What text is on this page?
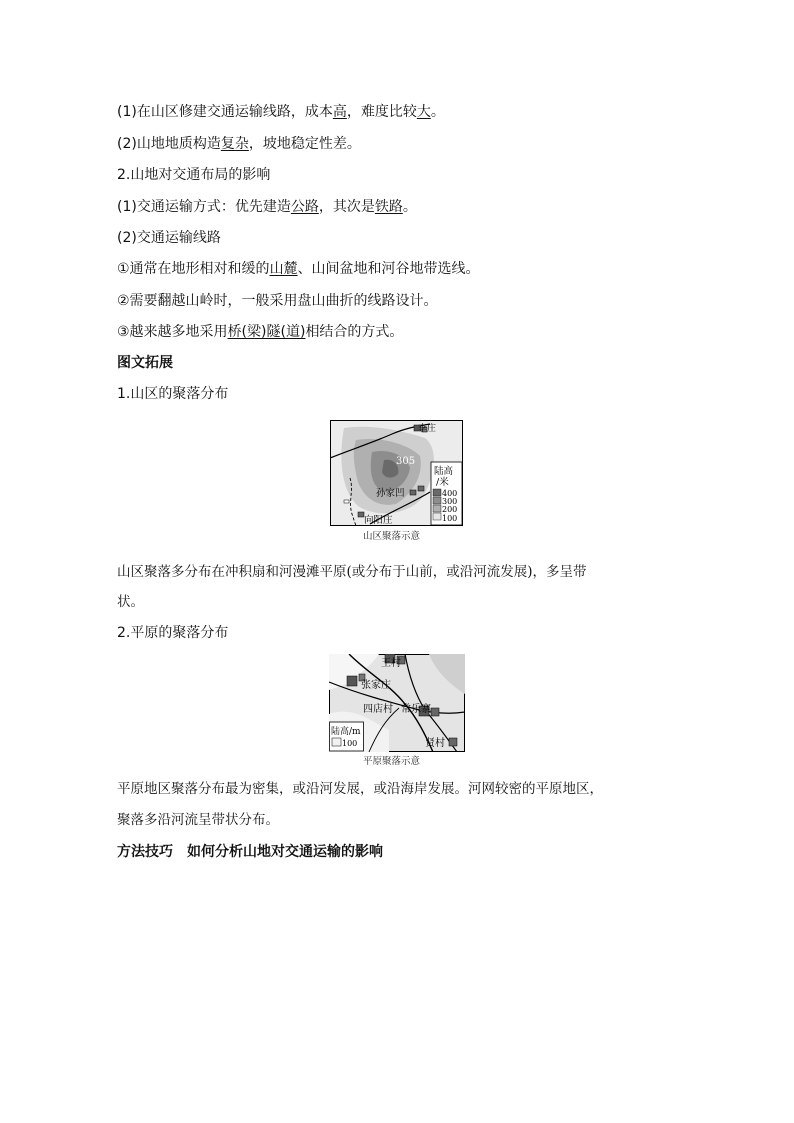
(1)在山区修建交通运输线路，成本高，难度比较大。
(2)山地地质构造复杂，坡地稳定性差。
2.山地对交通布局的影响
(1)交通运输方式：优先建造公路，其次是铁路。
(2)交通运输线路
①通常在地形相对和缓的山麓、山间盆地和河谷地带选线。
②需要翻越山岭时，一般采用盘山曲折的线路设计。
③越来越多地采用桥(梁)隧(道)相结合的方式。
图文拓展
1.山区的聚落分布
李庄
305
孙家凹
向阳庄
陆高
/米
400
300
200
100
山区聚落示意
山区聚落多分布在冲积扇和河漫滩平原(或分布于山前，或沿河流发展)，多呈带
状。
2.平原的聚落分布
王村
张家庄
四店村 常乐寨
贤村
陆高/m
100
平原聚落示意
平原地区聚落分布最为密集，或沿河发展，或沿海岸发展。河网较密的平原地区，
聚落多沿河流呈带状分布。
方法技巧　如何分析山地对交通运输的影响
